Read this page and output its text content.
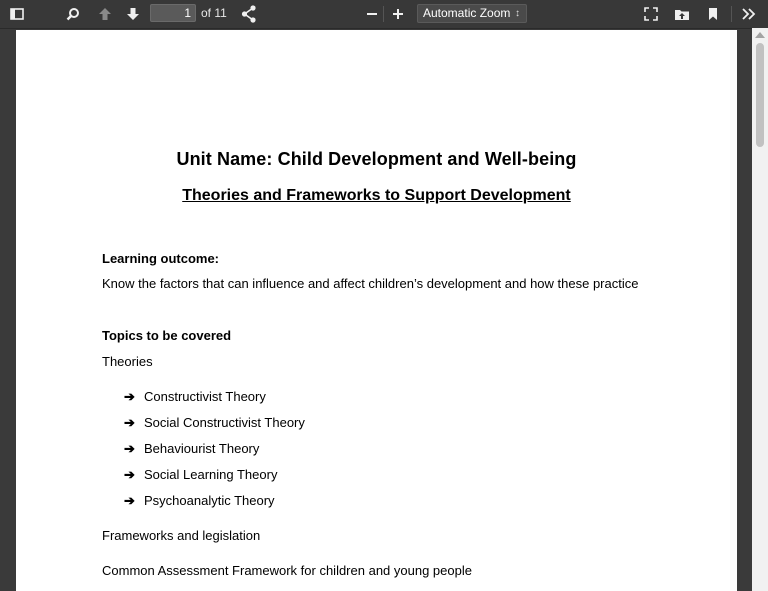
1 of 11	Automatic Zoom ↕
Unit Name: Child Development and Well-being
Theories and Frameworks to Support Development
Learning outcome:
Know the factors that can influence and affect children’s development and how these practice
Topics to be covered
Theories
➔ Constructivist Theory
➔ Social Constructivist Theory
➔ Behaviourist Theory
➔ Social Learning Theory
➔ Psychoanalytic Theory
Frameworks and legislation
Common Assessment Framework for children and young people
